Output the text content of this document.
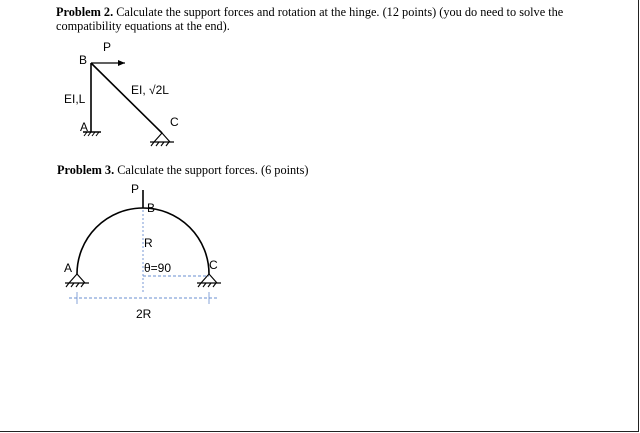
Problem 2. Calculate the support forces and rotation at the hinge. (12 points) (you do need to solve the compatibility equations at the end).

P
B
EI,L
EI, √2L
A	C

Problem 3. Calculate the support forces. (6 points)

P
B
R
θ=90
A	C
2R
